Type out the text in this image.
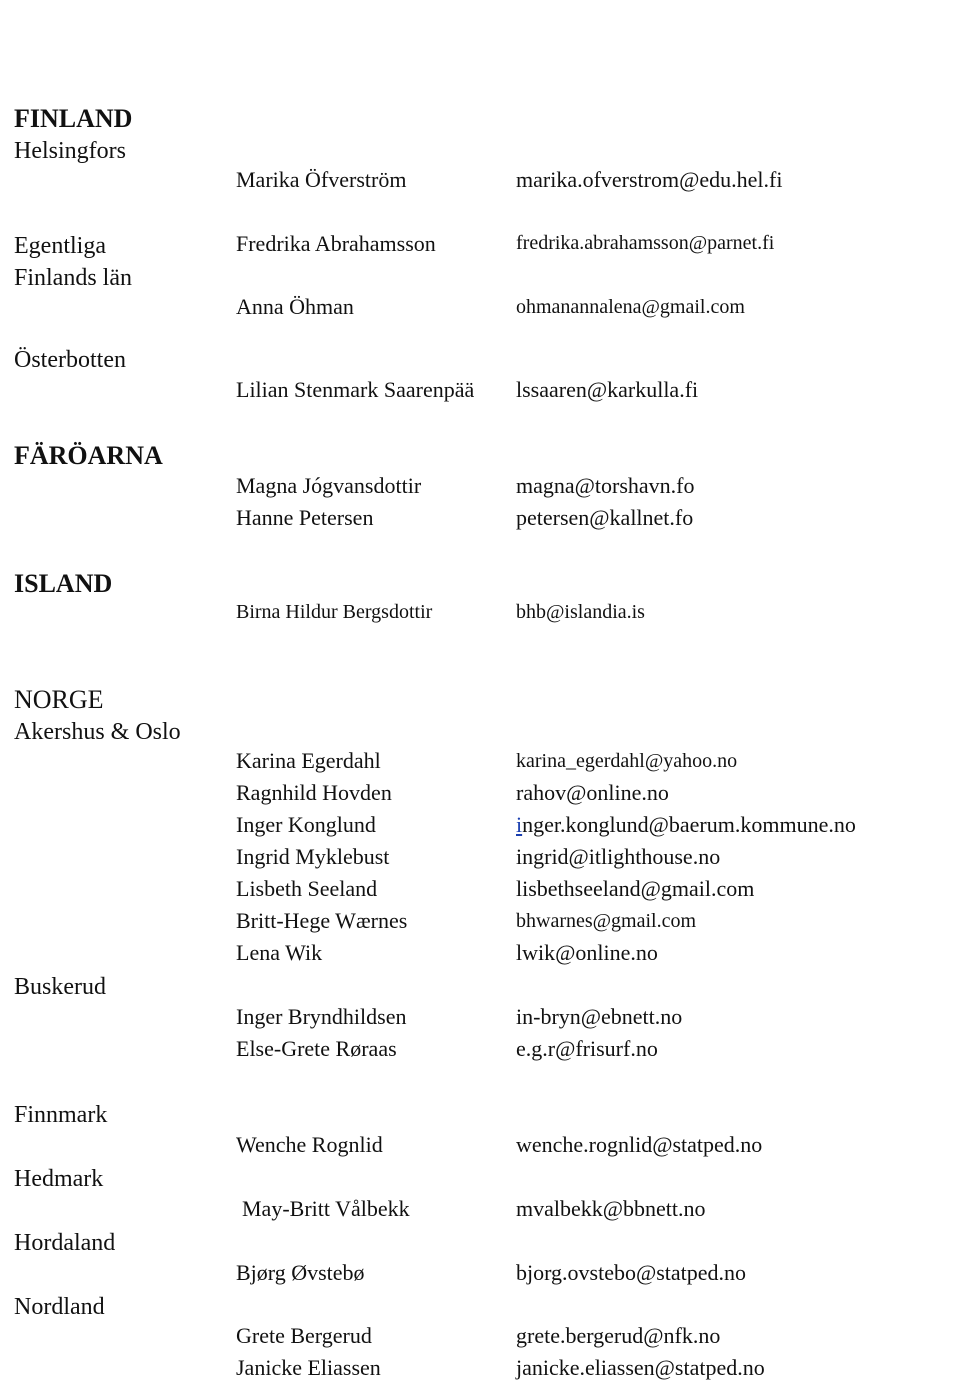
FINLAND
Helsingfors
Marika Öfverström	marika.ofverstrom@edu.hel.fi
Egentliga
Finlands län
Fredrika Abrahamsson	fredrika.abrahamsson@parnet.fi
Anna Öhman	ohmanannalena@gmail.com
Österbotten
Lilian Stenmark Saarenpää lssaaren@karkulla.fi
FÄRÖARNA
Magna Jógvansdottir	magna@torshavn.fo
Hanne Petersen	petersen@kallnet.fo
ISLAND
Birna Hildur Bergsdottir	bhb@islandia.is
NORGE
Akershus & Oslo
Karina Egerdahl	karina_egerdahl@yahoo.no
Ragnhild Hovden	rahov@online.no
Inger Konglund	inger.konglund@baerum.kommune.no
Ingrid Myklebust	ingrid@itlighthouse.no
Lisbeth Seeland	lisbethseeland@gmail.com
Britt-Hege Wærnes	bhwarnes@gmail.com
Lena Wik	lwik@online.no
Buskerud
Inger Bryndhildsen	in-bryn@ebnett.no
Else-Grete Røraas	e.g.r@frisurf.no
Finnmark
Wenche Rognlid	wenche.rognlid@statped.no
Hedmark
May-Britt Vålbekk	mvalbekk@bbnett.no
Hordaland
Bjørg Øvstebø	bjorg.ovstebo@statped.no
Nordland
Grete Bergerud	grete.bergerud@nfk.no
Janicke Eliassen	janicke.eliassen@statped.no
